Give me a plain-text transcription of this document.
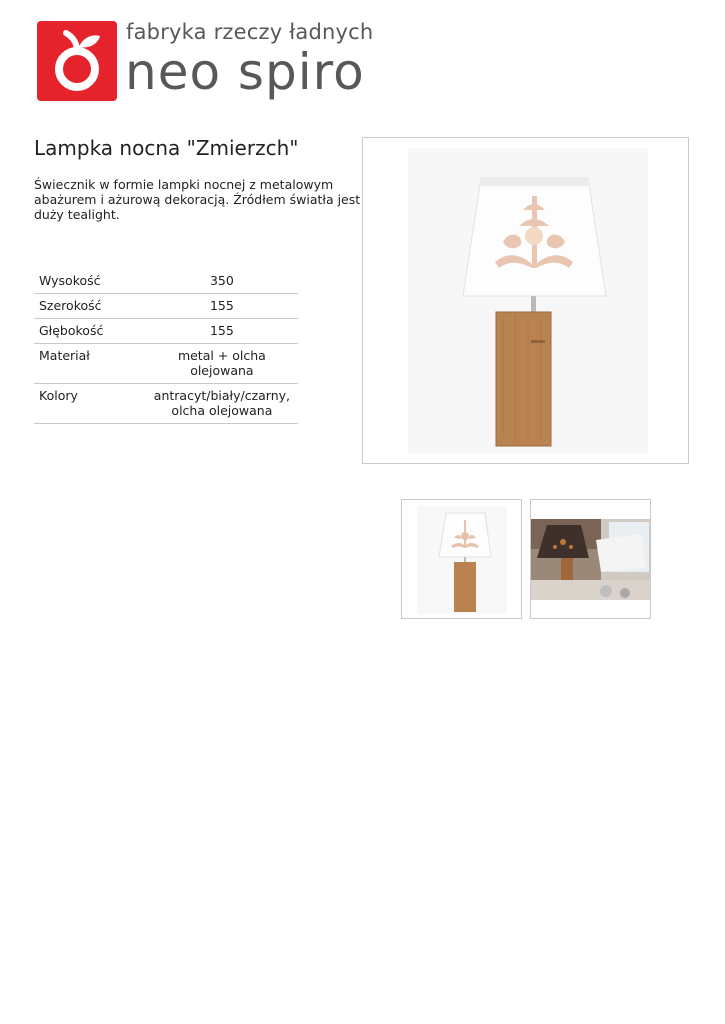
fabryka rzeczy ładnych
neo spiro
Lampka nocna "Zmierzch"

Świecznik w formie lampki nocnej z metalowym abażurem i ażurową dekoracją. Źródłem światła jest duży tealight.

Wysokość	350
Szerokość	155
Głębokość	155
Materiał	metal + olcha olejowana
Kolory	antracyt/biały/czarny, olcha olejowana
